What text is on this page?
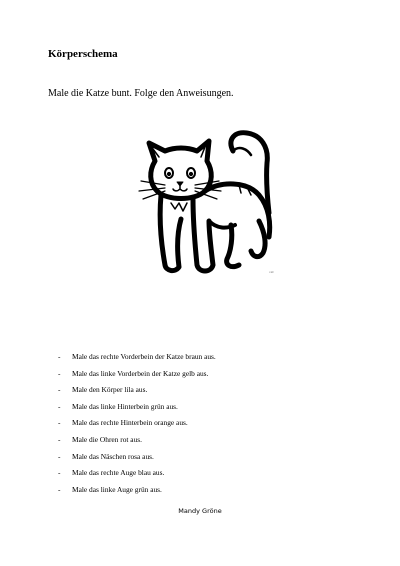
Körperschema
Male die Katze bunt. Folge den Anweisungen.
cat
-	Male das rechte Vorderbein der Katze braun aus.
-	Male das linke Vorderbein der Katze gelb aus.
-	Male den Körper lila aus.
-	Male das linke Hinterbein grün aus.
-	Male das rechte Hinterbein orange aus.
-	Male die Ohren rot aus.
-	Male das Näschen rosa aus.
-	Male das rechte Auge blau aus.
-	Male das linke Auge grün aus.
Mandy Gröne
